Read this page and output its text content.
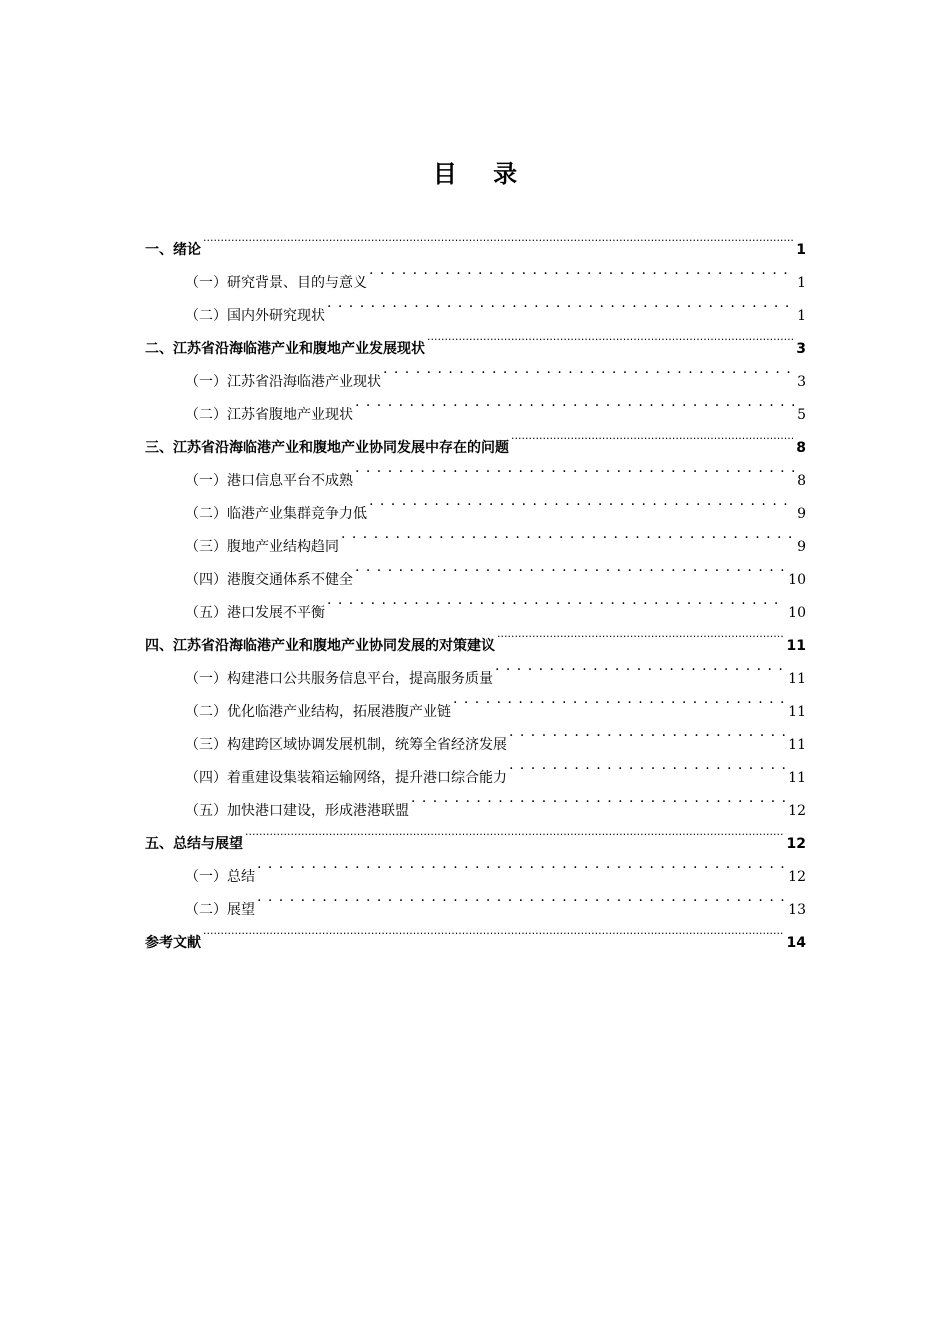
目 录
一、绪论 .....	1
（一）研究背景、目的与意义 . . .	1
（二）国内外研究现状 . . .	1
二、江苏省沿海临港产业和腹地产业发展现状 .....	3
（一）江苏省沿海临港产业现状 . . .	3
（二）江苏省腹地产业现状 . . .	5
三、江苏省沿海临港产业和腹地产业协同发展中存在的问题 .....	8
（一）港口信息平台不成熟 . . .	8
（二）临港产业集群竞争力低 . . .	9
（三）腹地产业结构趋同 . . .	9
（四）港腹交通体系不健全 . . .	10
（五）港口发展不平衡 . . .	10
四、江苏省沿海临港产业和腹地产业协同发展的对策建议 .....	11
（一）构建港口公共服务信息平台，提高服务质量 . . .	11
（二）优化临港产业结构，拓展港腹产业链 . . .	11
（三）构建跨区域协调发展机制，统筹全省经济发展 . . .	11
（四）着重建设集装箱运输网络，提升港口综合能力 . . .	11
（五）加快港口建设，形成港港联盟 . . .	12
五、总结与展望 .....	12
（一）总结 . . .	12
（二）展望 . . .	13
参考文献 .....	14
